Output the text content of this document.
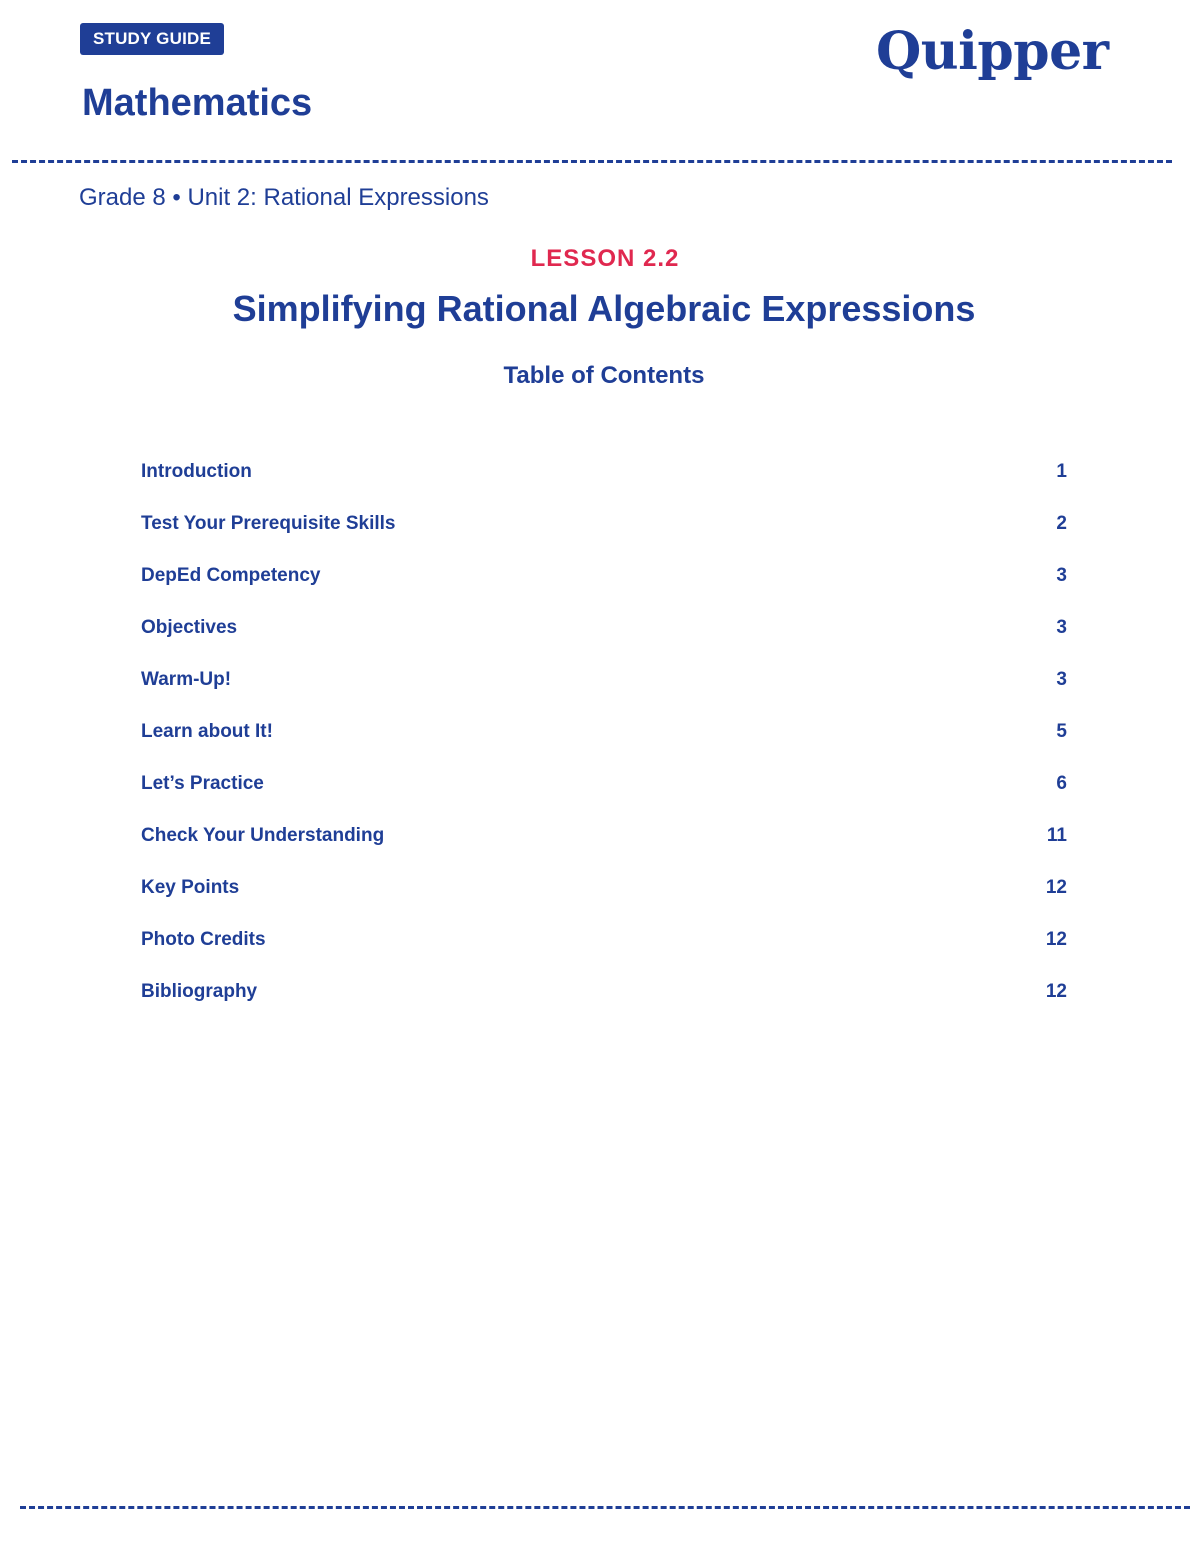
STUDY GUIDE
Mathematics
Quipper
Grade 8 • Unit 2: Rational Expressions
LESSON 2.2
Simplifying Rational Algebraic Expressions
Table of Contents
Introduction	1
Test Your Prerequisite Skills	2
DepEd Competency	3
Objectives	3
Warm-Up!	3
Learn about It!	5
Let’s Practice	6
Check Your Understanding	11
Key Points	12
Photo Credits	12
Bibliography	12
